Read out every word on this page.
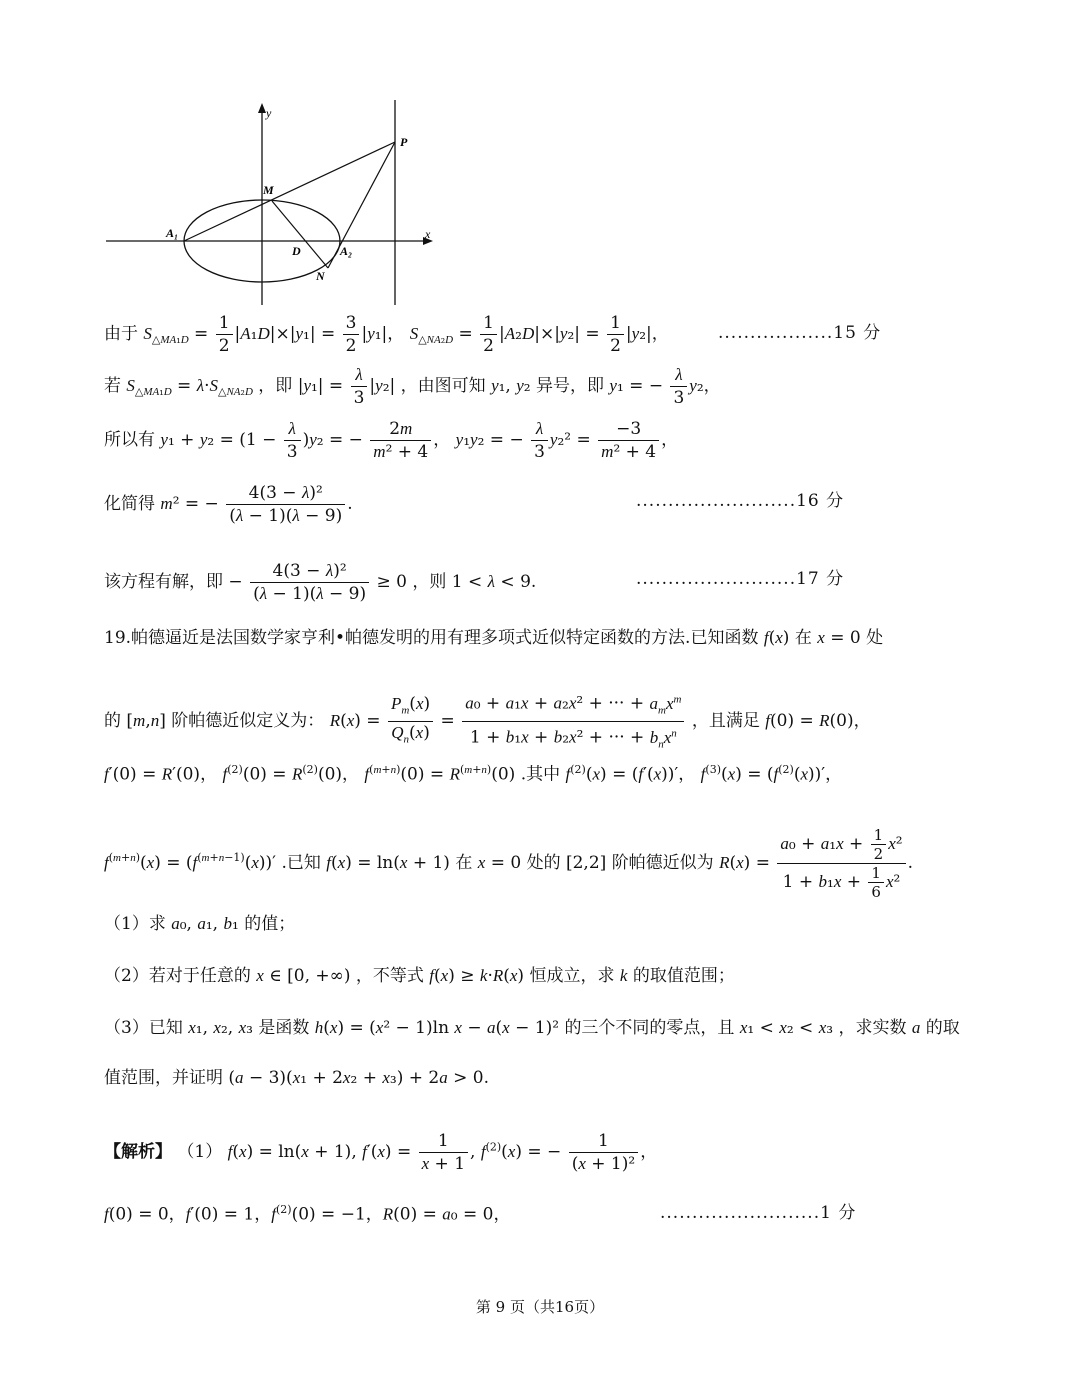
y
x
P
M
A₁
D	A₂
N
由于 $S_{\triangle MA_1D} = \frac{1}{2} |A_1D|\times|y_1| = \frac{3}{2} |y_1|$， $S_{\triangle NA_2D} = \frac{1}{2} |A_2D|\times|y_2| = \frac{1}{2} |y_2|$，	..................15 分
若 $S_{\triangle MA_1D} = \lambda\cdot S_{\triangle NA_2D}$ ，即 $|y_1| = \frac{\lambda}{3} |y_2|$ ，由图可知 y₁, y₂ 异号，即 y₁ = − $\frac{\lambda}{3} y_2$，
所以有 $y_1 + y_2 = (1 - \frac{\lambda}{3} )y_2$ = − $\frac{2m}{\text{m² + 4}}$ ， y₁y₂ = − $\frac{\lambda}{3} y_2^2 = \frac{-3}{\text{m² + 4}}$ ，
化简得 m² = − $\frac{\text{4(3 − λ)²}}{(\lambda - 1)(\lambda - 9)}$ .	.........................16 分
该方程有解，即 − $\frac{\text{4(3 − λ)²}}{(\lambda - 1)(\lambda - 9)} \ge 0$ ，则 1 < λ < 9.	.........................17 分
19.帕德逼近是法国数学家亨利•帕德发明的用有理多项式近似特定函数的方法.已知函数 f(x) 在 x = 0 处
的 [m,n] 阶帕德近似定义为： $R(x) = \frac{P_m(x)}{Q_n(x)} = \frac{a_0 + a_1x + a_2x^2 + \cdot\cdot\cdot + a_mx^m}{1 + b_1x + b_2x^2 + \cdot\cdot\cdot + b_nx^n}$ ，且满足 f(0) = R(0)，
f′(0) = R′(0)， $f^{(2)}(0) = R^{(2)}(0)$， $f^{(m+n)}(0) = R^{(m+n)}(0)$ .其中 $f^{(2)}(x) = (f'(x))'$， $f^{(3)}(x) = (f^{(2)}(x))'$，
$f^{(m+n)}(x) = (f^{(m+n-1)}(x))'$ .已知 f(x) = ln(x + 1) 在 x = 0 处的 [2,2] 阶帕德近似为 $R(x) = \frac{a_0 + a_1x + \frac{1}{2} x^2}{1 + b_1x + \frac{1}{6} x^2}$ .
（1）求 a₀, a₁, b₁ 的值；
（2）若对于任意的 x ∈ [0, +∞) ，不等式 f(x) ≥ k·R(x) 恒成立，求 k 的取值范围；
（3）已知 x₁, x₂, x₃ 是函数 h(x) = (x² − 1)ln x − a(x − 1)² 的三个不同的零点，且 x₁ < x₂ < x₃ ，求实数 a 的取
值范围，并证明 (a − 3)(x₁ + 2x₂ + x₃) + 2a > 0.
【解析】 （1） f(x) = ln(x + 1), $f'(x) = \frac{1}{x + 1}$ , $f^{(2)}(x)$ = − $\frac{1}{\text{(x + 1)²}}$ ，
f(0) = 0，f′(0) = 1，$f^{(2)}(0) = -1$，R(0) = a₀ = 0，	.........................1 分
第 9 页（共16页）
